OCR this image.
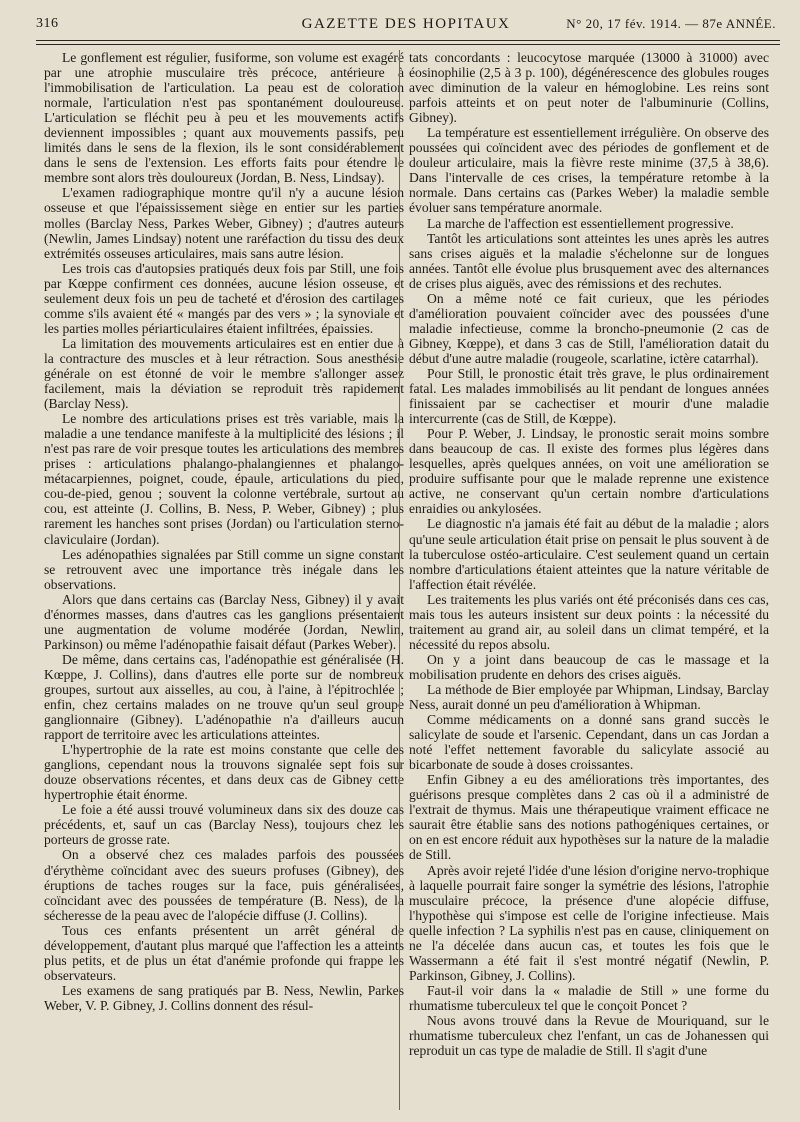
316	GAZETTE DES HOPITAUX	N° 20, 17 fév. 1914. — 87e ANNÉE.

Le gonflement est régulier, fusiforme, son volume est exagéré par une atrophie musculaire très précoce, antérieure à l'immobilisation de l'articulation. La peau est de coloration normale, l'articulation n'est pas spontanément douloureuse. L'articulation se fléchit peu à peu et les mouvements actifs deviennent impossibles ; quant aux mouvements passifs, peu limités dans le sens de la flexion, ils le sont considérablement dans le sens de l'extension. Les efforts faits pour étendre le membre sont alors très douloureux (Jordan, B. Ness, Lindsay).

L'examen radiographique montre qu'il n'y a aucune lésion osseuse et que l'épaississement siège en entier sur les parties molles (Barclay Ness, Parkes Weber, Gibney) ; d'autres auteurs (Newlin, James Lindsay) notent une raréfaction du tissu des deux extrémités osseuses articulaires, mais sans autre lésion.

Les trois cas d'autopsies pratiqués deux fois par Still, une fois par Kœppe confirment ces données, aucune lésion osseuse, et seulement deux fois un peu de tacheté et d'érosion des cartilages comme s'ils avaient été « mangés par des vers » ; la synoviale et les parties molles périarticulaires étaient infiltrées, épaissies.

La limitation des mouvements articulaires est en entier due à la contracture des muscles et à leur rétraction. Sous anesthésie générale on est étonné de voir le membre s'allonger assez facilement, mais la déviation se reproduit très rapidement (Barclay Ness).

Le nombre des articulations prises est très variable, mais la maladie a une tendance manifeste à la multiplicité des lésions ; il n'est pas rare de voir presque toutes les articulations des membres prises : articulations phalango-phalangiennes et phalango-métacarpiennes, poignet, coude, épaule, articulations du pied, cou-de-pied, genou ; souvent la colonne vertébrale, surtout au cou, est atteinte (J. Collins, B. Ness, P. Weber, Gibney) ; plus rarement les hanches sont prises (Jordan) ou l'articulation sterno-claviculaire (Jordan).

Les adénopathies signalées par Still comme un signe constant se retrouvent avec une importance très inégale dans les observations.

Alors que dans certains cas (Barclay Ness, Gibney) il y avait d'énormes masses, dans d'autres cas les ganglions présentaient une augmentation de volume modérée (Jordan, Newlin, Parkinson) ou même l'adénopathie faisait défaut (Parkes Weber).

De même, dans certains cas, l'adénopathie est généralisée (H. Kœppe, J. Collins), dans d'autres elle porte sur de nombreux groupes, surtout aux aisselles, au cou, à l'aine, à l'épitrochlée ; enfin, chez certains malades on ne trouve qu'un seul groupe ganglionnaire (Gibney). L'adénopathie n'a d'ailleurs aucun rapport de territoire avec les articulations atteintes.

L'hypertrophie de la rate est moins constante que celle des ganglions, cependant nous la trouvons signalée sept fois sur douze observations récentes, et dans deux cas de Gibney cette hypertrophie était énorme.

Le foie a été aussi trouvé volumineux dans six des douze cas précédents, et, sauf un cas (Barclay Ness), toujours chez les porteurs de grosse rate.

On a observé chez ces malades parfois des poussées d'érythème coïncidant avec des sueurs profuses (Gibney), des éruptions de taches rouges sur la face, puis généralisées, coïncidant avec des poussées de température (B. Ness), de la sécheresse de la peau avec de l'alopécie diffuse (J. Collins).

Tous ces enfants présentent un arrêt général de développement, d'autant plus marqué que l'affection les a atteints plus petits, et de plus un état d'anémie profonde qui frappe les observateurs.

Les examens de sang pratiqués par B. Ness, Newlin, Parkes Weber, V. P. Gibney, J. Collins donnent des résul-

tats concordants : leucocytose marquée (13000 à 31000) avec éosinophilie (2,5 à 3 p. 100), dégénérescence des globules rouges avec diminution de la valeur en hémoglobine. Les reins sont parfois atteints et on peut noter de l'albuminurie (Collins, Gibney).

La température est essentiellement irrégulière. On observe des poussées qui coïncident avec des périodes de gonflement et de douleur articulaire, mais la fièvre reste minime (37,5 à 38,6). Dans l'intervalle de ces crises, la température retombe à la normale. Dans certains cas (Parkes Weber) la maladie semble évoluer sans température anormale.

La marche de l'affection est essentiellement progressive.

Tantôt les articulations sont atteintes les unes après les autres sans crises aiguës et la maladie s'échelonne sur de longues années. Tantôt elle évolue plus brusquement avec des alternances de crises plus aiguës, avec des rémissions et des rechutes.

On a même noté ce fait curieux, que les périodes d'amélioration pouvaient coïncider avec des poussées d'une maladie infectieuse, comme la broncho-pneumonie (2 cas de Gibney, Kœppe), et dans 3 cas de Still, l'amélioration datait du début d'une autre maladie (rougeole, scarlatine, ictère catarrhal).

Pour Still, le pronostic était très grave, le plus ordinairement fatal. Les malades immobilisés au lit pendant de longues années finissaient par se cachectiser et mourir d'une maladie intercurrente (cas de Still, de Kœppe).

Pour P. Weber, J. Lindsay, le pronostic serait moins sombre dans beaucoup de cas. Il existe des formes plus légères dans lesquelles, après quelques années, on voit une amélioration se produire suffisante pour que le malade reprenne une existence active, ne conservant qu'un certain nombre d'articulations enraidies ou ankylosées.

Le diagnostic n'a jamais été fait au début de la maladie ; alors qu'une seule articulation était prise on pensait le plus souvent à de la tuberculose ostéo-articulaire. C'est seulement quand un certain nombre d'articulations étaient atteintes que la nature véritable de l'affection était révélée.

Les traitements les plus variés ont été préconisés dans ces cas, mais tous les auteurs insistent sur deux points : la nécessité du traitement au grand air, au soleil dans un climat tempéré, et la nécessité du repos absolu.

On y a joint dans beaucoup de cas le massage et la mobilisation prudente en dehors des crises aiguës.

La méthode de Bier employée par Whipman, Lindsay, Barclay Ness, aurait donné un peu d'amélioration à Whipman.

Comme médicaments on a donné sans grand succès le salicylate de soude et l'arsenic. Cependant, dans un cas Jordan a noté l'effet nettement favorable du salicylate associé au bicarbonate de soude à doses croissantes.

Enfin Gibney a eu des améliorations très importantes, des guérisons presque complètes dans 2 cas où il a administré de l'extrait de thymus. Mais une thérapeutique vraiment efficace ne saurait être établie sans des notions pathogéniques certaines, or on en est encore réduit aux hypothèses sur la nature de la maladie de Still.

Après avoir rejeté l'idée d'une lésion d'origine nervo-trophique à laquelle pourrait faire songer la symétrie des lésions, l'atrophie musculaire précoce, la présence d'une alopécie diffuse, l'hypothèse qui s'impose est celle de l'origine infectieuse. Mais quelle infection ? La syphilis n'est pas en cause, cliniquement on ne l'a décelée dans aucun cas, et toutes les fois que le Wassermann a été fait il s'est montré négatif (Newlin, P. Parkinson, Gibney, J. Collins).

Faut-il voir dans la « maladie de Still » une forme du rhumatisme tuberculeux tel que le conçoit Poncet ?

Nous avons trouvé dans la Revue de Mouriquand, sur le rhumatisme tuberculeux chez l'enfant, un cas de Johanessen qui reproduit un cas type de maladie de Still. Il s'agit d'une
